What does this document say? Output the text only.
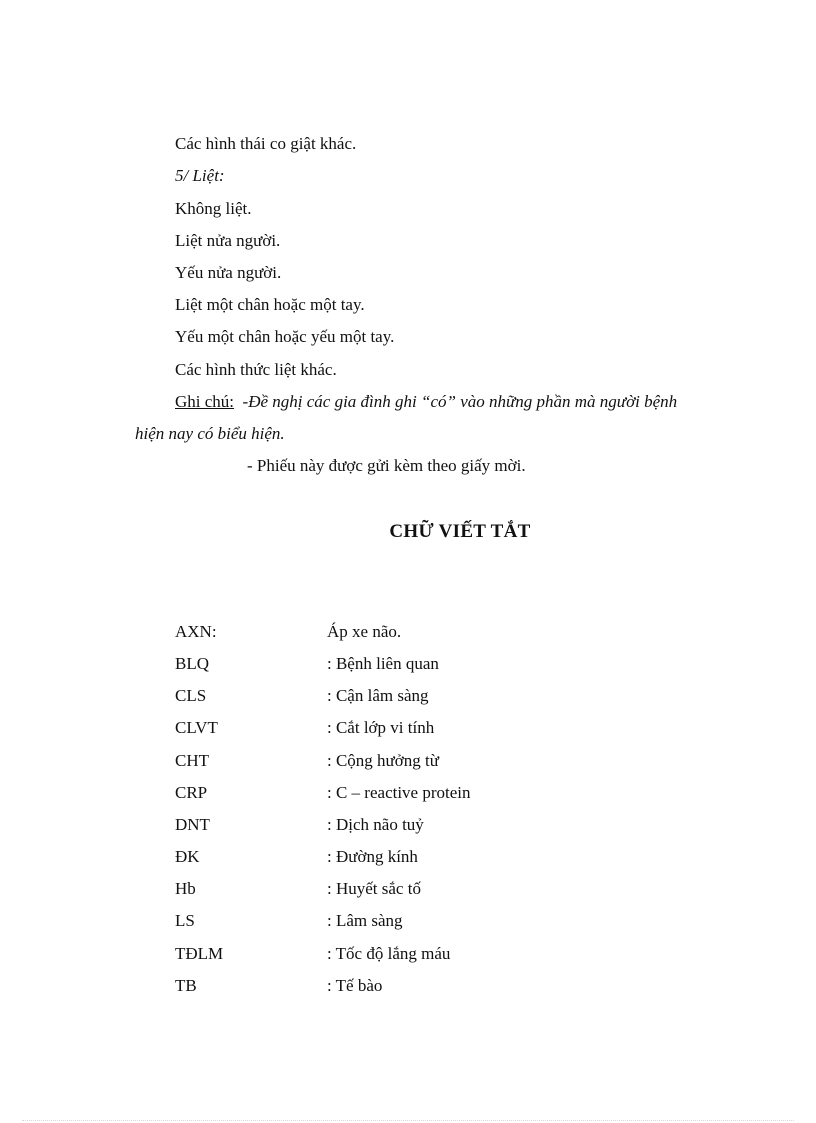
Các hình thái co giật khác.
5/ Liệt:
Không liệt.
Liệt nửa người.
Yếu nửa người.
Liệt một chân hoặc một tay.
Yếu một chân hoặc yếu một tay.
Các hình thức liệt khác.
Ghi chú: -Đề nghị các gia đình ghi “có” vào những phần mà người bệnh
hiện nay có biểu hiện.
- Phiếu này được gửi kèm theo giấy mời.
CHỮ VIẾT TẮT
AXN:	Áp xe não.
BLQ	: Bệnh liên quan
CLS	: Cận lâm sàng
CLVT	: Cắt lớp vi tính
CHT	: Cộng hưởng từ
CRP	: C – reactive protein
DNT	: Dịch não tuỷ
ĐK	: Đường kính
Hb	: Huyết sắc tố
LS	: Lâm sàng
TĐLM	: Tốc độ lắng máu
TB	: Tế bào
